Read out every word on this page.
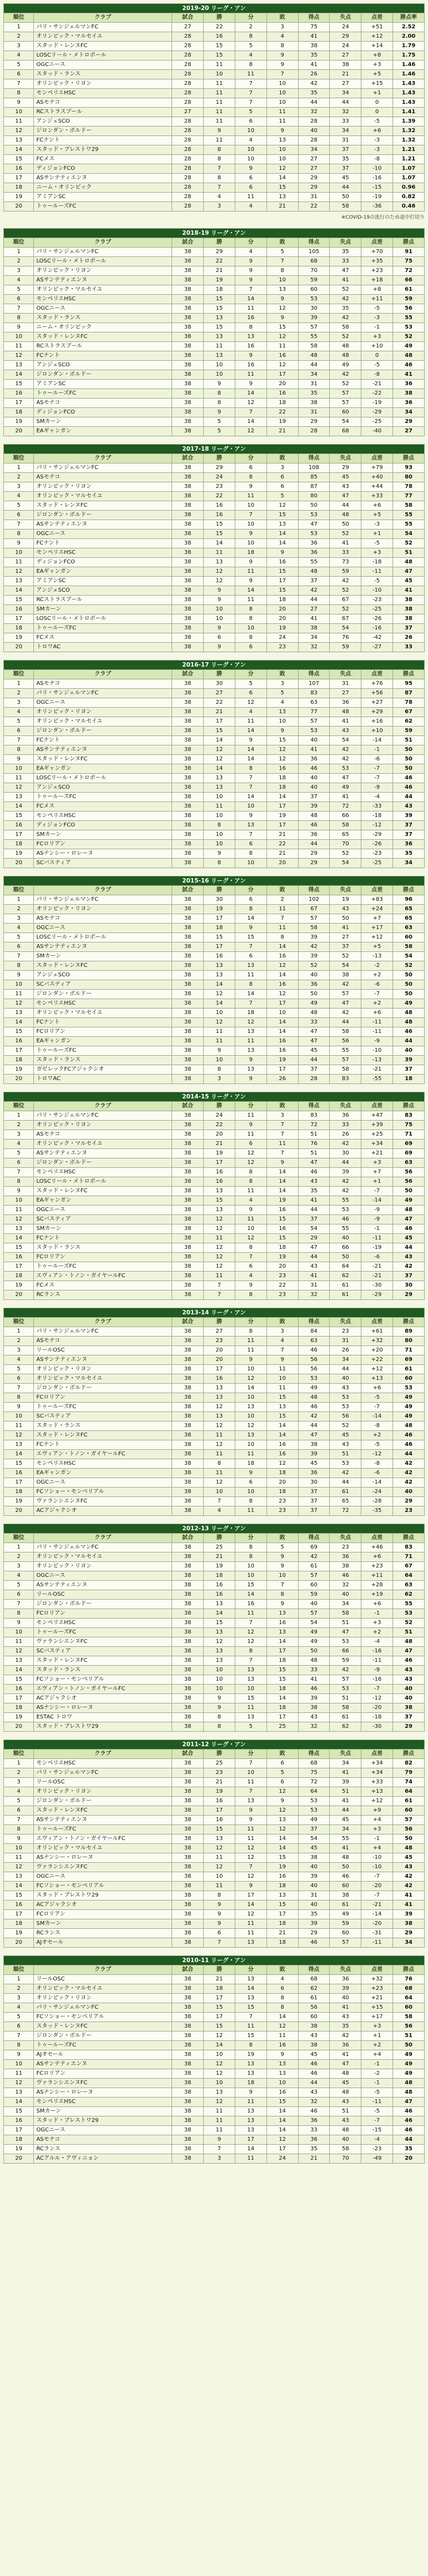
2019-20 リーグ・アン									
順位	クラブ	試合	勝	分	敗	得点	失点	点差	勝点率
1	パリ・サンジェルマンFC	27	22	2	3	75	24	+51	2.52
2	オリンピック・マルセイユ	28	16	8	4	41	29	+12	2.00
3	スタッド・レンヌFC	28	15	5	8	38	24	+14	1.79
4	LOSCリール・メトロポール	28	15	4	9	35	27	+8	1.75
5	OGCニース	28	11	8	9	41	38	+3	1.46
6	スタッド・ランス	28	10	11	7	26	21	+5	1.46
7	オリンピック・リヨン	28	11	7	10	42	27	+15	1.43
8	モンペリエHSC	28	11	7	10	35	34	+1	1.43
9	ASモナコ	28	11	7	10	44	44	0	1.43
10	RCストラスブール	27	11	5	11	32	32	0	1.41
11	アンジェSCO	28	11	6	11	28	33	-5	1.39
12	ジロンダン・ボルドー	28	9	10	9	40	34	+6	1.32
13	FCナント	28	11	4	13	28	31	-3	1.32
14	スタッド・ブレストワ29	28	8	10	10	34	37	-3	1.21
15	FCメス	28	8	10	10	27	35	-8	1.21
16	ディジョンFCO	28	7	9	12	27	37	-10	1.07
17	ASサンテティエンヌ	28	8	6	14	29	45	-16	1.07
18	ニーム・オリンピック	28	7	6	15	29	44	-15	0.96
19	アミアンSC	28	4	11	13	31	50	-19	0.82
20	トゥールーズFC	28	3	4	21	22	58	-36	0.46
※COVID-19の流行のため途中打切り
2018-19 リーグ・アン									
順位	クラブ	試合	勝	分	敗	得点	失点	点差	勝点
1	パリ・サンジェルマンFC	38	29	4	5	105	35	+70	91
2	LOSCリール・メトロポール	38	22	9	7	68	33	+35	75
3	オリンピック・リヨン	38	21	9	8	70	47	+23	72
4	ASサンテティエンヌ	38	19	9	10	59	41	+18	66
5	オリンピック・マルセイユ	38	18	7	13	60	52	+8	61
6	モンペリエHSC	38	15	14	9	53	42	+11	59
7	OGCニース	38	15	11	12	30	35	-5	56
8	スタッド・ランス	38	13	16	9	39	42	-3	55
9	ニーム・オリンピック	38	15	8	15	57	58	-1	53
10	スタッド・レンヌFC	38	13	13	12	55	52	+3	52
11	RCストラスブール	38	11	16	11	58	48	+10	49
12	FCナント	38	13	9	16	48	48	0	48
13	アンジェSCO	38	10	16	12	44	49	-5	46
14	ジロンダン・ボルドー	38	10	11	17	34	42	-8	41
15	アミアンSC	38	9	9	20	31	52	-21	36
16	トゥールーズFC	38	8	14	16	35	57	-22	38
17	ASモナコ	38	8	12	18	38	57	-19	36
18	ディジョンFCO	38	9	7	22	31	60	-29	34
19	SMカーン	38	5	14	19	29	54	-25	29
20	EAギャンガン	38	5	12	21	28	68	-40	27
2017-18 リーグ・アン									
順位	クラブ	試合	勝	分	敗	得点	失点	点差	勝点
1	パリ・サンジェルマンFC	38	29	6	3	108	29	+79	93
2	ASモナコ	38	24	8	6	85	45	+40	80
3	オリンピック・リヨン	38	23	9	6	87	43	+44	78
4	オリンピック・マルセイユ	38	22	11	5	80	47	+33	77
5	スタッド・レンヌFC	38	16	10	12	50	44	+6	58
6	ジロンダン・ボルドー	38	16	7	15	53	48	+5	55
7	ASサンテティエンヌ	38	15	10	13	47	50	-3	55
8	OGCニース	38	15	9	14	53	52	+1	54
9	FCナント	38	14	10	14	36	41	-5	52
10	モンペリエHSC	38	11	18	9	36	33	+3	51
11	ディジョンFCO	38	13	9	16	55	73	-18	48
12	EAギャンガン	38	12	11	15	48	59	-11	47
13	アミアンSC	38	12	9	17	37	42	-5	45
14	アンジェSCO	38	9	14	15	42	52	-10	41
15	RCストラスブール	38	9	11	18	44	67	-23	38
16	SMカーン	38	10	8	20	27	52	-25	38
17	LOSCリール・メトロポール	38	10	8	20	41	67	-26	38
18	トゥールーズFC	38	9	10	19	38	54	-16	37
19	FCメス	38	6	8	24	34	76	-42	26
20	トロワAC	38	9	6	23	32	59	-27	33
2016-17 リーグ・アン									
順位	クラブ	試合	勝	分	敗	得点	失点	点差	勝点
1	ASモナコ	38	30	5	3	107	31	+76	95
2	パリ・サンジェルマンFC	38	27	6	5	83	27	+56	87
3	OGCニース	38	22	12	4	63	36	+27	78
4	オリンピック・リヨン	38	21	4	13	77	48	+29	67
5	オリンピック・マルセイユ	38	17	11	10	57	41	+16	62
6	ジロンダン・ボルドー	38	15	14	9	53	43	+10	59
7	FCナント	38	14	9	15	40	54	-14	51
8	ASサンテティエンヌ	38	12	14	12	41	42	-1	50
9	スタッド・レンヌFC	38	12	14	12	36	42	-6	50
10	EAギャンガン	38	14	8	16	46	53	-7	50
11	LOSCリール・メトロポール	38	13	7	18	40	47	-7	46
12	アンジェSCO	38	13	7	18	40	49	-9	46
13	トゥールーズFC	38	10	14	14	37	41	-4	44
14	FCメス	38	11	10	17	39	72	-33	43
15	モンペリエHSC	38	10	9	19	48	66	-18	39
16	ディジョンFCO	38	8	13	17	46	58	-12	37
17	SMカーン	38	10	7	21	36	65	-29	37
18	FCロリアン	38	10	6	22	44	70	-26	36
19	ASナンシー・ロレーヌ	38	9	8	21	29	52	-23	35
20	SCバスティア	38	8	10	20	29	54	-25	34
2015-16 リーグ・アン									
順位	クラブ	試合	勝	分	敗	得点	失点	点差	勝点
1	パリ・サンジェルマンFC	38	30	6	2	102	19	+83	96
2	オリンピック・リヨン	38	19	8	11	67	43	+24	65
3	ASモナコ	38	17	14	7	57	50	+7	65
4	OGCニース	38	18	9	11	58	41	+17	63
5	LOSCリール・メトロポール	38	15	15	8	39	27	+12	60
6	ASサンテティエンヌ	38	17	7	14	42	37	+5	58
7	SMカーン	38	16	6	16	39	52	-13	54
8	スタッド・レンヌFC	38	13	13	12	52	54	-2	52
9	アンジェSCO	38	13	11	14	40	38	+2	50
10	SCバスティア	38	14	8	16	36	42	-6	50
11	ジロンダン・ボルドー	38	12	14	12	50	57	-7	50
12	モンペリエHSC	38	14	7	17	49	47	+2	49
13	オリンピック・マルセイユ	38	10	18	10	48	42	+6	48
14	FCナント	38	12	12	14	33	44	-11	48
15	FCロリアン	38	11	13	14	47	58	-11	46
16	EAギャンガン	38	11	11	16	47	56	-9	44
17	トゥールーズFC	38	9	13	16	45	55	-10	40
18	スタッド・ランス	38	10	9	19	44	57	-13	39
19	ガゼレックFCアジャクシオ	38	8	13	17	37	58	-21	37
20	トロワAC	38	3	9	26	28	83	-55	18
2014-15 リーグ・アン									
順位	クラブ	試合	勝	分	敗	得点	失点	点差	勝点
1	パリ・サンジェルマンFC	38	24	11	3	83	36	+47	83
2	オリンピック・リヨン	38	22	9	7	72	33	+39	75
3	ASモナコ	38	20	11	7	51	26	+25	71
4	オリンピック・マルセイユ	38	21	6	11	76	42	+34	69
5	ASサンテティエンヌ	38	19	12	7	51	30	+21	69
6	ジロンダン・ボルドー	38	17	12	9	47	44	+3	63
7	モンペリエHSC	38	16	8	14	46	39	+7	56
8	LOSCリール・メトロポール	38	16	8	14	43	42	+1	56
9	スタッド・レンヌFC	38	13	11	14	35	42	-7	50
10	EAギャンガン	38	15	4	19	41	55	-14	49
11	OGCニース	38	13	9	16	44	53	-9	48
12	SCバスティア	38	12	11	15	37	46	-9	47
13	SMカーン	38	12	10	16	54	55	-1	46
14	FCナント	38	11	12	15	29	40	-11	45
15	スタッド・ランス	38	12	8	18	47	66	-19	44
16	FCロリアン	38	12	7	19	44	50	-6	43
17	トゥールーズFC	38	12	6	20	43	64	-21	42
18	エヴィアン・トノン・ガイヤールFC	38	11	4	23	41	62	-21	37
19	FCメス	38	7	9	22	31	61	-30	30
20	RCランス	38	7	8	23	32	61	-29	29
2013-14 リーグ・アン									
順位	クラブ	試合	勝	分	敗	得点	失点	点差	勝点
1	パリ・サンジェルマンFC	38	27	8	3	84	23	+61	89
2	ASモナコ	38	23	11	4	63	31	+32	80
3	リールOSC	38	20	11	7	46	26	+20	71
4	ASサンテティエンヌ	38	20	9	9	56	34	+22	69
5	オリンピック・リヨン	38	17	10	11	56	44	+12	61
6	オリンピック・マルセイユ	38	16	12	10	53	40	+13	60
7	ジロンダン・ボルドー	38	13	14	11	49	43	+6	53
8	FCロリアン	38	13	10	15	48	53	-5	49
9	トゥールーズFC	38	12	13	13	46	53	-7	49
10	SCバスティア	38	13	10	15	42	56	-14	49
11	スタッド・ランス	38	12	12	14	44	52	-8	48
12	スタッド・レンヌFC	38	11	13	14	47	45	+2	46
13	FCナント	38	12	10	16	38	43	-5	46
14	エヴィアン・トノン・ガイヤールFC	38	11	11	16	39	51	-12	44
15	モンペリエHSC	38	8	18	12	45	53	-8	42
16	EAギャンガン	38	11	9	18	36	42	-6	42
17	OGCニース	38	12	6	20	30	44	-14	42
18	FCソショー・モンベリアル	38	10	10	18	37	61	-24	40
19	ヴァランシエンヌFC	38	7	8	23	37	65	-28	29
20	ACアジャクシオ	38	4	11	23	37	72	-35	23
2012-13 リーグ・アン									
順位	クラブ	試合	勝	分	敗	得点	失点	点差	勝点
1	パリ・サンジェルマンFC	38	25	8	5	69	23	+46	83
2	オリンピック・マルセイユ	38	21	8	9	42	36	+6	71
3	オリンピック・リヨン	38	19	10	9	61	38	+23	67
4	OGCニース	38	18	10	10	57	46	+11	64
5	ASサンテティエンヌ	38	16	15	7	60	32	+28	63
6	リールOSC	38	16	14	8	59	40	+19	62
7	ジロンダン・ボルドー	38	13	16	9	40	34	+6	55
8	FCロリアン	38	14	11	13	57	58	-1	53
9	モンペリエHSC	38	15	7	16	54	51	+3	52
10	トゥールーズFC	38	13	12	13	49	47	+2	51
11	ヴァランシエンヌFC	38	12	12	14	49	53	-4	48
12	SCバスティア	38	13	8	17	50	66	-16	47
13	スタッド・レンヌFC	38	13	7	18	48	59	-11	46
14	スタッド・ランス	38	10	13	15	33	42	-9	43
15	FCソショー・モンベリアル	38	10	13	15	41	57	-16	43
16	エヴィアン・トノン・ガイヤールFC	38	10	10	18	46	53	-7	40
17	ACアジャクシオ	38	9	15	14	39	51	-12	40
18	ASナンシー・ロレーヌ	38	9	11	18	38	58	-20	38
19	ESTAC トロワ	38	8	13	17	43	61	-18	37
20	スタッド・ブレストワ29	38	8	5	25	32	62	-30	29
2011-12 リーグ・アン									
順位	クラブ	試合	勝	分	敗	得点	失点	点差	勝点
1	モンペリエHSC	38	25	7	6	68	34	+34	82
2	パリ・サンジェルマンFC	38	23	10	5	75	41	+34	79
3	リールOSC	38	21	11	6	72	39	+33	74
4	オリンピック・リヨン	38	19	7	12	64	51	+13	64
5	ジロンダン・ボルドー	38	16	13	9	53	41	+12	61
6	スタッド・レンヌFC	38	17	9	12	53	44	+9	60
7	ASサンテティエンヌ	38	16	9	13	49	45	+4	57
8	トゥールーズFC	38	15	11	12	37	34	+3	56
9	エヴィアン・トノン・ガイヤールFC	38	13	11	14	54	55	-1	50
10	オリンピック・マルセイユ	38	12	12	14	45	41	+4	48
11	ASナンシー・ロレーヌ	38	11	12	15	38	48	-10	45
12	ヴァランシエンヌFC	38	12	7	19	40	50	-10	43
13	OGCニース	38	10	12	16	39	46	-7	42
14	FCソショー・モンベリアル	38	11	9	18	40	60	-20	42
15	スタッド・ブレストワ29	38	8	17	13	31	38	-7	41
16	ACアジャクシオ	38	9	14	15	40	61	-21	41
17	FCロリアン	38	9	12	17	35	49	-14	39
18	SMカーン	38	9	11	18	39	59	-20	38
19	RCランス	38	6	11	21	29	60	-31	29
20	AJオセール	38	7	13	18	46	57	-11	34
2010-11 リーグ・アン									
順位	クラブ	試合	勝	分	敗	得点	失点	点差	勝点
1	リールOSC	38	21	13	4	68	36	+32	76
2	オリンピック・マルセイユ	38	18	14	6	62	39	+23	68
3	オリンピック・リヨン	38	17	13	8	61	40	+21	64
4	パリ・サンジェルマンFC	38	15	15	8	56	41	+15	60
5	FCソショー・モンベリアル	38	17	7	14	60	43	+17	58
6	スタッド・レンヌFC	38	15	11	12	38	35	+3	56
7	ジロンダン・ボルドー	38	12	15	11	43	42	+1	51
8	トゥールーズFC	38	14	8	16	38	36	+2	50
9	AJオセール	38	10	19	9	45	41	+4	49
10	ASサンテティエンヌ	38	12	13	13	46	47	-1	49
11	FCロリアン	38	12	13	13	46	48	-2	49
12	ヴァランシエンヌFC	38	10	18	10	44	45	-1	48
13	ASナンシー・ロレーヌ	38	13	9	16	43	48	-5	48
14	モンペリエHSC	38	12	11	15	32	43	-11	47
15	SMカーン	38	11	13	14	46	51	-5	46
16	スタッド・ブレストワ29	38	11	13	14	36	43	-7	46
17	OGCニース	38	11	13	14	33	48	-15	46
18	ASモナコ	38	9	17	12	36	40	-4	44
19	RCランス	38	7	14	17	35	58	-23	35
20	ACアルル・アヴィニョン	38	3	11	24	21	70	-49	20
